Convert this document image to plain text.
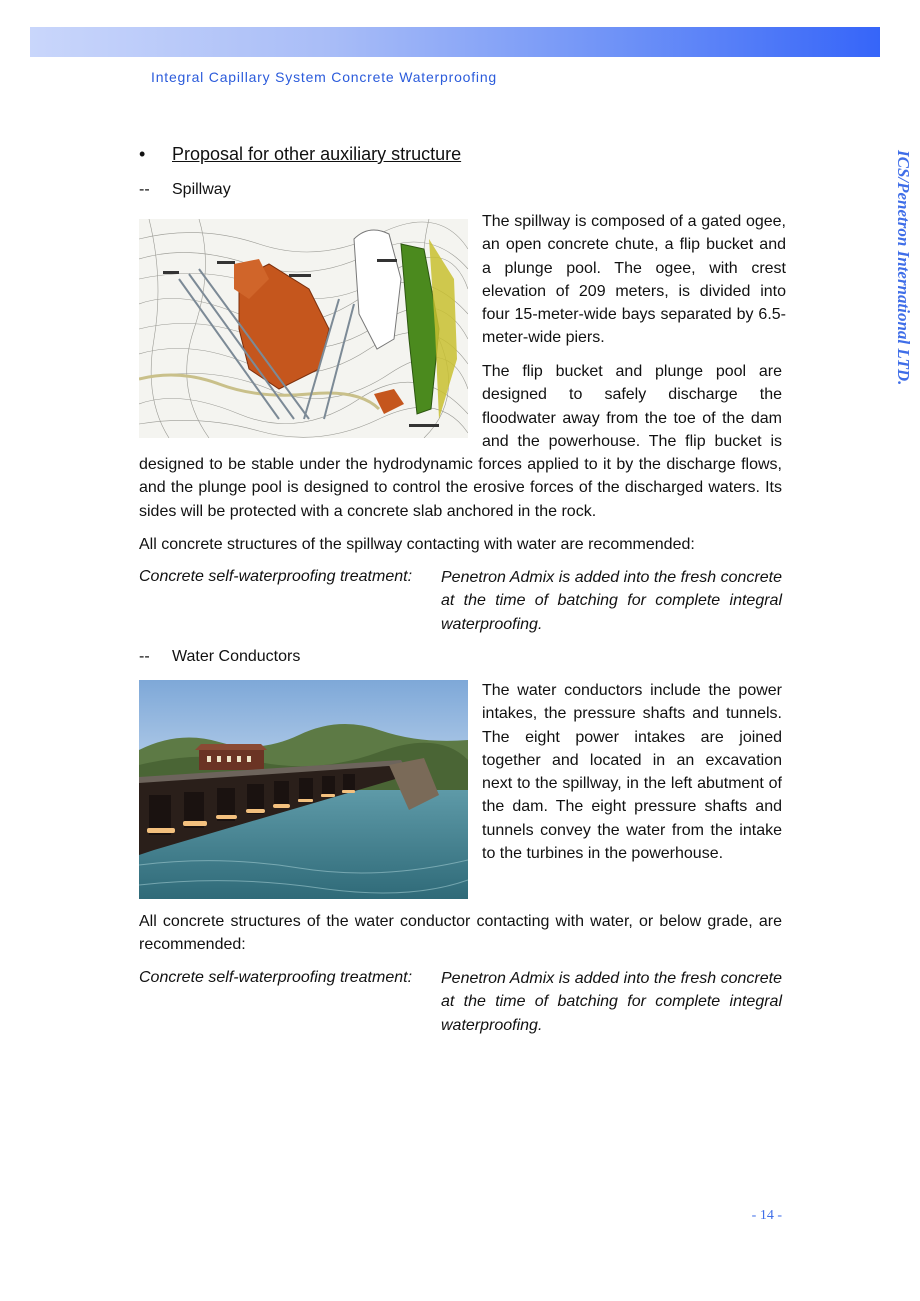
Integral Capillary System Concrete Waterproofing
ICS/Penetron International LTD.
• Proposal for other auxiliary structure
-- Spillway

The spillway is composed of a gated ogee, an open concrete chute, a flip bucket and a plunge pool. The ogee, with crest elevation of 209 meters, is divided into four 15-meter-wide bays separated by 6.5-meter-wide piers.

The flip bucket and plunge pool are
designed to safely discharge the
floodwater away from the toe of the dam
and the powerhouse. The flip bucket is

designed to be stable under the hydrodynamic forces applied to it by the discharge flows, and the plunge pool is designed to control the erosive forces of the discharged waters. Its sides will be protected with a concrete slab anchored in the rock.

All concrete structures of the spillway contacting with water are recommended:

Concrete self-waterproofing treatment: Penetron Admix is added into the fresh concrete at the time of batching for complete integral waterproofing.

-- Water Conductors

The water conductors include the power intakes, the pressure shafts and tunnels. The eight power intakes are joined together and located in an excavation next to the spillway, in the left abutment of the dam. The eight pressure shafts and tunnels convey the water from the intake to the turbines in the powerhouse.

All concrete structures of the water conductor contacting with water, or below grade, are recommended:

Concrete self-waterproofing treatment: Penetron Admix is added into the fresh concrete at the time of batching for complete integral waterproofing.

- 14 -
